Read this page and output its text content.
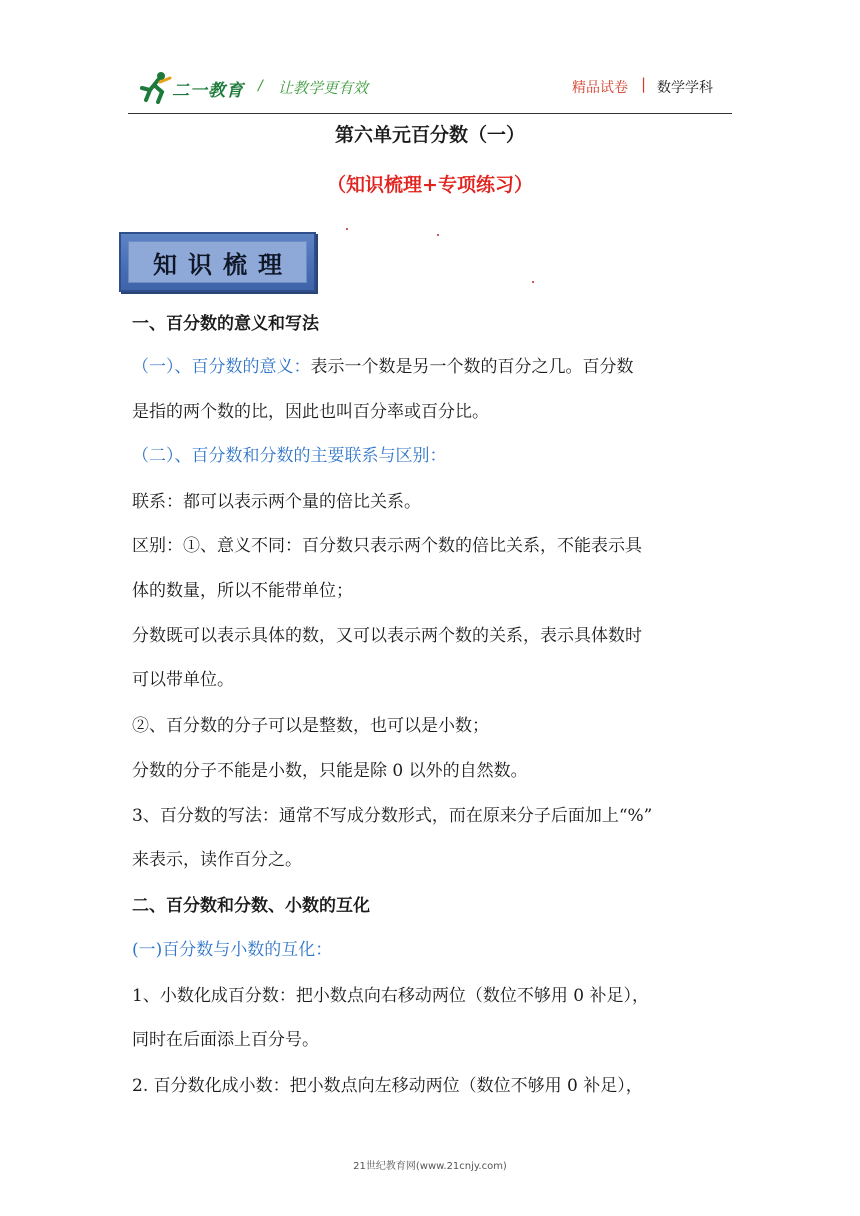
二一教育 / 让教学更有效	精品试卷 | 数学学科
第六单元百分数（一）
（知识梳理+专项练习）
知识梳理
一、百分数的意义和写法
（一）、百分数的意义：表示一个数是另一个数的百分之几。百分数
是指的两个数的比，因此也叫百分率或百分比。
（二）、百分数和分数的主要联系与区别：
联系：都可以表示两个量的倍比关系。
区别：①、意义不同：百分数只表示两个数的倍比关系，不能表示具
体的数量，所以不能带单位；
分数既可以表示具体的数，又可以表示两个数的关系，表示具体数时
可以带单位。
②、百分数的分子可以是整数，也可以是小数；
分数的分子不能是小数，只能是除 0 以外的自然数。
3、百分数的写法：通常不写成分数形式，而在原来分子后面加上“%”
来表示，读作百分之。
二、百分数和分数、小数的互化
(一)百分数与小数的互化：
1、小数化成百分数：把小数点向右移动两位（数位不够用 0 补足），
同时在后面添上百分号。
2. 百分数化成小数：把小数点向左移动两位（数位不够用 0 补足），
21世纪教育网(www.21cnjy.com)
